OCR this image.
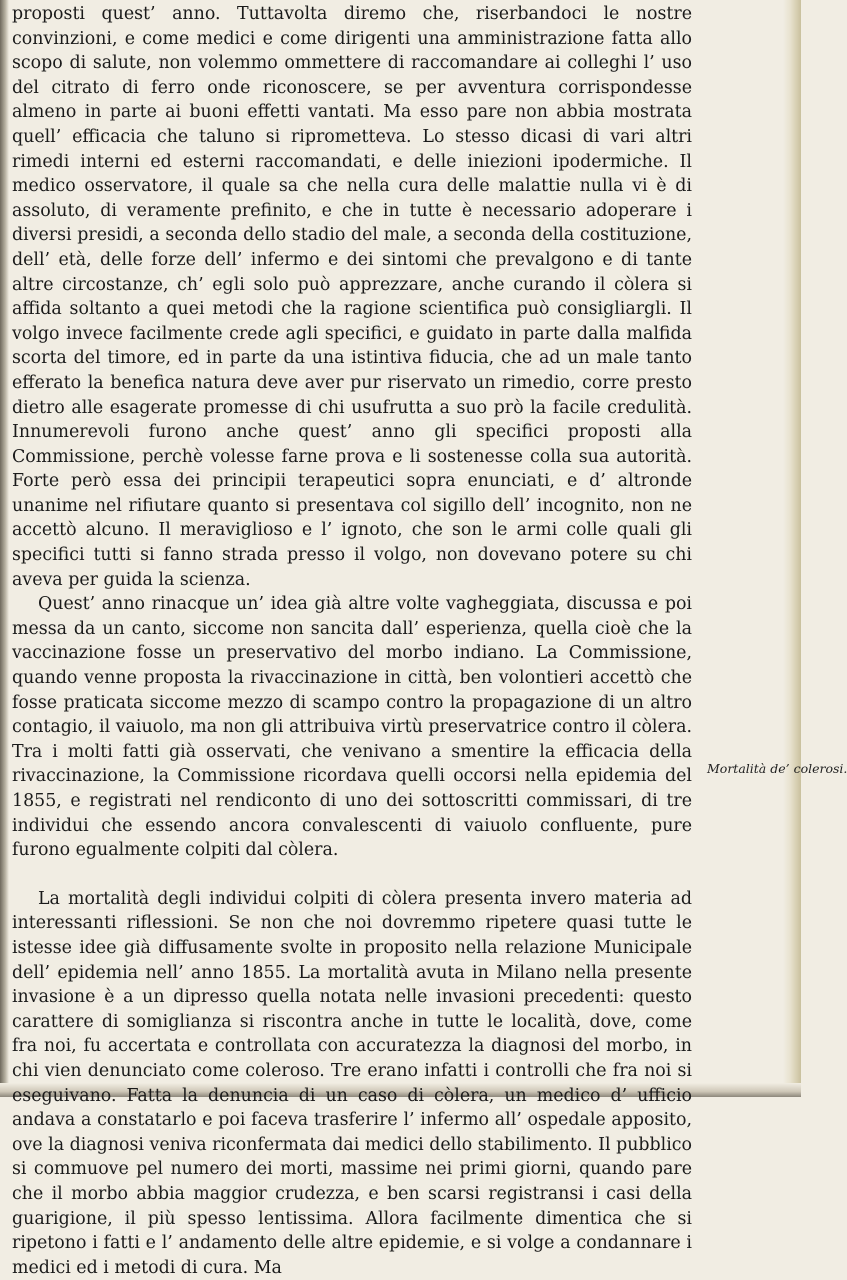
proposti quest’ anno. Tuttavolta diremo che, riserbandoci le nostre convinzioni, e come medici e come dirigenti una amministrazione fatta allo scopo di salute, non volemmo ommettere di raccomandare ai colleghi l’ uso del citrato di ferro onde riconoscere, se per avventura corrispondesse almeno in parte ai buoni effetti vantati. Ma esso pare non abbia mostrata quell’ efficacia che taluno si riprometteva. Lo stesso dicasi di vari altri rimedi interni ed esterni raccomandati, e delle iniezioni ipodermiche. Il medico osservatore, il quale sa che nella cura delle malattie nulla vi è di assoluto, di veramente prefinito, e che in tutte è necessario adoperare i diversi presidi, a seconda dello stadio del male, a seconda della costituzione, dell’ età, delle forze dell’ infermo e dei sintomi che prevalgono e di tante altre circostanze, ch’ egli solo può apprezzare, anche curando il còlera si affida soltanto a quei metodi che la ragione scientifica può consigliargli. Il volgo invece facilmente crede agli specifici, e guidato in parte dalla malfida scorta del timore, ed in parte da una istintiva fiducia, che ad un male tanto efferato la benefica natura deve aver pur riservato un rimedio, corre presto dietro alle esagerate promesse di chi usufrutta a suo prò la facile credulità. Innumerevoli furono anche quest’ anno gli specifici proposti alla Commissione, perchè volesse farne prova e li sostenesse colla sua autorità. Forte però essa dei principii terapeutici sopra enunciati, e d’ altronde unanime nel rifiutare quanto si presentava col sigillo dell’ incognito, non ne accettò alcuno. Il meraviglioso e l’ ignoto, che son le armi colle quali gli specifici tutti si fanno strada presso il volgo, non dovevano potere su chi aveva per guida la scienza.

Quest’ anno rinacque un’ idea già altre volte vagheggiata, discussa e poi messa da un canto, siccome non sancita dall’ esperienza, quella cioè che la vaccinazione fosse un preservativo del morbo indiano. La Commissione, quando venne proposta la rivaccinazione in città, ben volontieri accettò che fosse praticata siccome mezzo di scampo contro la propagazione di un altro contagio, il vaiuolo, ma non gli attribuiva virtù preservatrice contro il còlera. Tra i molti fatti già osservati, che venivano a smentire la efficacia della rivaccinazione, la Commissione ricordava quelli occorsi nella epidemia del 1855, e registrati nel rendiconto di uno dei sottoscritti commissari, di tre individui che essendo ancora convalescenti di vaiuolo confluente, pure furono egualmente colpiti dal còlera.

La mortalità degli individui colpiti di còlera presenta invero materia ad interessanti riflessioni. Se non che noi dovremmo ripetere quasi tutte le istesse idee già diffusamente svolte in proposito nella relazione Municipale dell’ epidemia nell’ anno 1855. La mortalità avuta in Milano nella presente invasione è a un dipresso quella notata nelle invasioni precedenti: questo carattere di somiglianza si riscontra anche in tutte le località, dove, come fra noi, fu accertata e controllata con accuratezza la diagnosi del morbo, in chi vien denunciato come coleroso. Tre erano infatti i controlli che fra noi si eseguivano. Fatta la denuncia di un caso di còlera, un medico d’ ufficio andava a constatarlo e poi faceva trasferire l’ infermo all’ ospedale apposito, ove la diagnosi veniva riconfermata dai medici dello stabilimento. Il pubblico si commuove pel numero dei morti, massime nei primi giorni, quando pare che il morbo abbia maggior crudezza, e ben scarsi registransi i casi della guarigione, il più spesso lentissima. Allora facilmente dimentica che si ripetono i fatti e l’ andamento delle altre epidemie, e si volge a condannare i medici ed i metodi di cura. Ma

Mortalità de’ colerosi.
